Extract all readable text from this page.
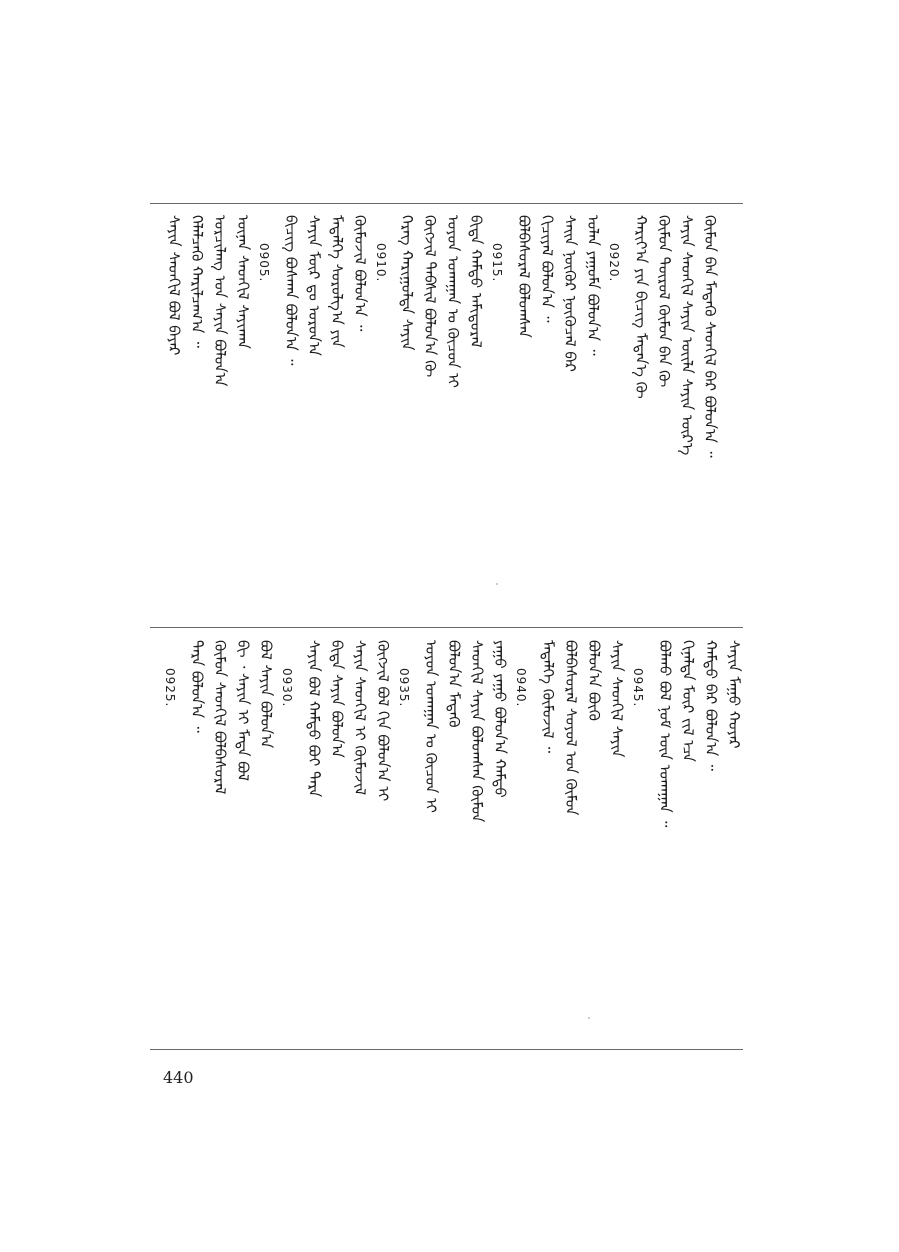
ᠰᠠᠶᠢᠨ ᠰᠡᠳᠬᠢᠯ ᠪᠣᠯ ᠪᠠᠶᠠᠷ ᠬᠡᠯᠡᠯᠴᠡᠬᠦ ᠬᠠᠷᠢᠯᠴᠠᠭ᠎ᠠ ᠃ ᠣᠷᠴᠢᠯᠠᠩ ᠤᠨ ᠰᠠᠶᠢᠨ ᠪᠣᠯᠤᠨ᠎ᠠ ᠦᠨᠡᠨ ᠰᠡᠳᠬᠢᠯ ᠰᠠᠶᠢᠬᠠᠨ 0905. ᠪᠢᠴᠢᠭ᠌ ᠪᠣᠰᠬᠠᠨ ᠪᠣᠯᠤᠨ᠎ᠠ ᠃ ᠰᠠᠶᠢᠨ ᠮᠥᠷ ᠳᠤ ᠣᠷᠣᠨ᠎ᠠ ᠮᠡᠳᠡᠯᠭᠡ ᠰᠤᠷᠤᠯᠭ᠎ᠠ ᠶᠢᠨ ᠬᠦᠮᠦᠵᠢᠯ ᠪᠣᠯᠤᠨ᠎ᠠ ᠃ 0910. ᠬᠡᠷᠡᠭ ᠬᠠᠷᠢᠭᠤᠯᠲᠠ ᠰᠠᠶᠢᠨ ᠬᠥᠭᠵᠢᠯ ᠳᠡᠪᠰᠢᠯ ᠪᠣᠯᠤᠨ᠎ᠠ ᠬᠦ ᠣᠶᠤᠨ ᠤᠬᠠᠭᠠᠨ ᠤ ᠬᠦᠴᠦᠨ ᠢ ᠪᠢᠳᠡ ᠬᠠᠮᠲᠤ ᠠᠮᠢᠳᠤᠷᠠᠯ 0915. ᠪᠣᠯᠪᠠᠰᠤᠷᠠᠯ ᠪᠣᠯᠤᠭᠰᠠᠨ ᠬᠢᠴᠢᠶᠡᠯ ᠪᠣᠯᠤᠨ᠎ᠠ ᠃ ᠰᠠᠢᠨ ᠨᠥᠬᠦᠷ ᠨᠥᠬᠦᠴᠡᠯ ᠪᠡᠷ ᠣᠯᠠᠨ ᠶᠠᠭᠤᠮᠠ ᠪᠣᠯᠤᠨ᠎ᠠ ᠃ 0920. ᠬᠠᠷᠢᠶ᠎ᠠ ᠶᠢᠨ ᠪᠢᠴᠢᠭ᠌ ᠮᠡᠳᠡᠨ᠎ᠡ ᠬᠦ ᠬᠦᠮᠦᠨ ᠲᠥᠷᠦᠯ ᠬᠦᠮᠦᠨ ᠪᠡᠨ ᠬᠦ ᠰᠠᠶᠢᠨ ᠰᠡᠳᠬᠢᠯ ᠰᠠᠶᠢᠨ ᠦᠢᠯᠡ ᠰᠠᠶᠢᠨ ᠦᠷ᠎ᠡ ᠬᠦᠮᠦᠨ ᠪᠡᠨ ᠮᠡᠳᠡᠬᠦ ᠰᠡᠳᠬᠢᠯ ᠪᠡᠷ ᠪᠣᠯᠤᠨ᠎ᠠ ᠃
0925. ᠲᠡᠷᠡ ᠪᠣᠯᠤᠨ᠎ᠠ ᠃ ᠬᠦᠮᠦᠨ ᠰᠡᠳᠬᠢᠯ ᠪᠣᠯᠪᠠᠰᠤᠷᠠᠯ ᠪᠢ ᠂ ᠰᠠᠶᠢᠨ ᠢ ᠮᠡᠳᠡ ᠪᠣᠯ ᠪᠣᠯ ᠰᠠᠶᠢᠨ ᠪᠣᠯᠤᠨ᠎ᠠ 0930. ᠰᠠᠶᠢᠨ ᠪᠣᠯ ᠬᠠᠮᠲᠤ ᠪᠣᠢ ᠲᠡᠷᠡ ᠪᠢᠳᠡ ᠰᠠᠶᠢᠨ ᠪᠣᠯᠤᠨ᠎ᠠ ᠰᠠᠶᠢᠨ ᠰᠡᠳᠬᠢᠯ ᠢ ᠬᠦᠮᠦᠵᠢᠯ ᠬᠥᠭᠵᠢᠯ ᠪᠣᠯ ᠬᠢᠨ ᠪᠣᠯᠤᠨ᠎ᠠ ᠢ 0935. ᠣᠶᠤᠨ ᠤᠬᠠᠭᠠᠨ ᠤ ᠬᠦᠴᠦᠨ ᠢ ᠪᠣᠯᠤᠨ᠎ᠠ ᠮᠡᠳᠡᠬᠦ ᠰᠡᠳᠬᠢᠯ ᠰᠠᠶᠢᠨ ᠪᠣᠯᠤᠭᠰᠠᠨ ᠬᠦᠮᠦᠨ ᠶᠠᠭᠤ ᠶᠠᠭᠤ ᠪᠣᠯᠤᠨ᠎ᠠ ᠬᠠᠮᠲᠤ 0940. ᠮᠡᠳᠡᠯᠭᠡ ᠬᠦᠮᠦᠵᠢᠯ ᠃ ᠪᠣᠯᠪᠠᠰᠤᠷᠠᠯ ᠰᠣᠶᠣᠯ ᠤᠨ ᠬᠦᠮᠦᠨ ᠪᠣᠯᠤᠨ᠎ᠠ ᠪᠦᠬᠦ ᠰᠠᠶᠢᠨ ᠰᠡᠳᠬᠢᠯ ᠰᠠᠶᠢᠨ 0945. ᠪᠣᠯᠬᠤ ᠪᠣᠯ ᠨᠣᠮ ᠦᠨ ᠤᠬᠠᠭᠠᠨ ᠃ ᠬᠢᠨᠠᠯᠲᠠ ᠮᠥᠷ ᠵᠢᠯ ᠡᠴᠡ ᠬᠠᠮᠲᠤ ᠪᠠᠷ ᠪᠣᠯᠤᠨ᠎ᠠ ᠃ ᠰᠠᠶᠢᠨ ᠮᠠᠭᠤ ᠬᠣᠶᠠᠷ
440
